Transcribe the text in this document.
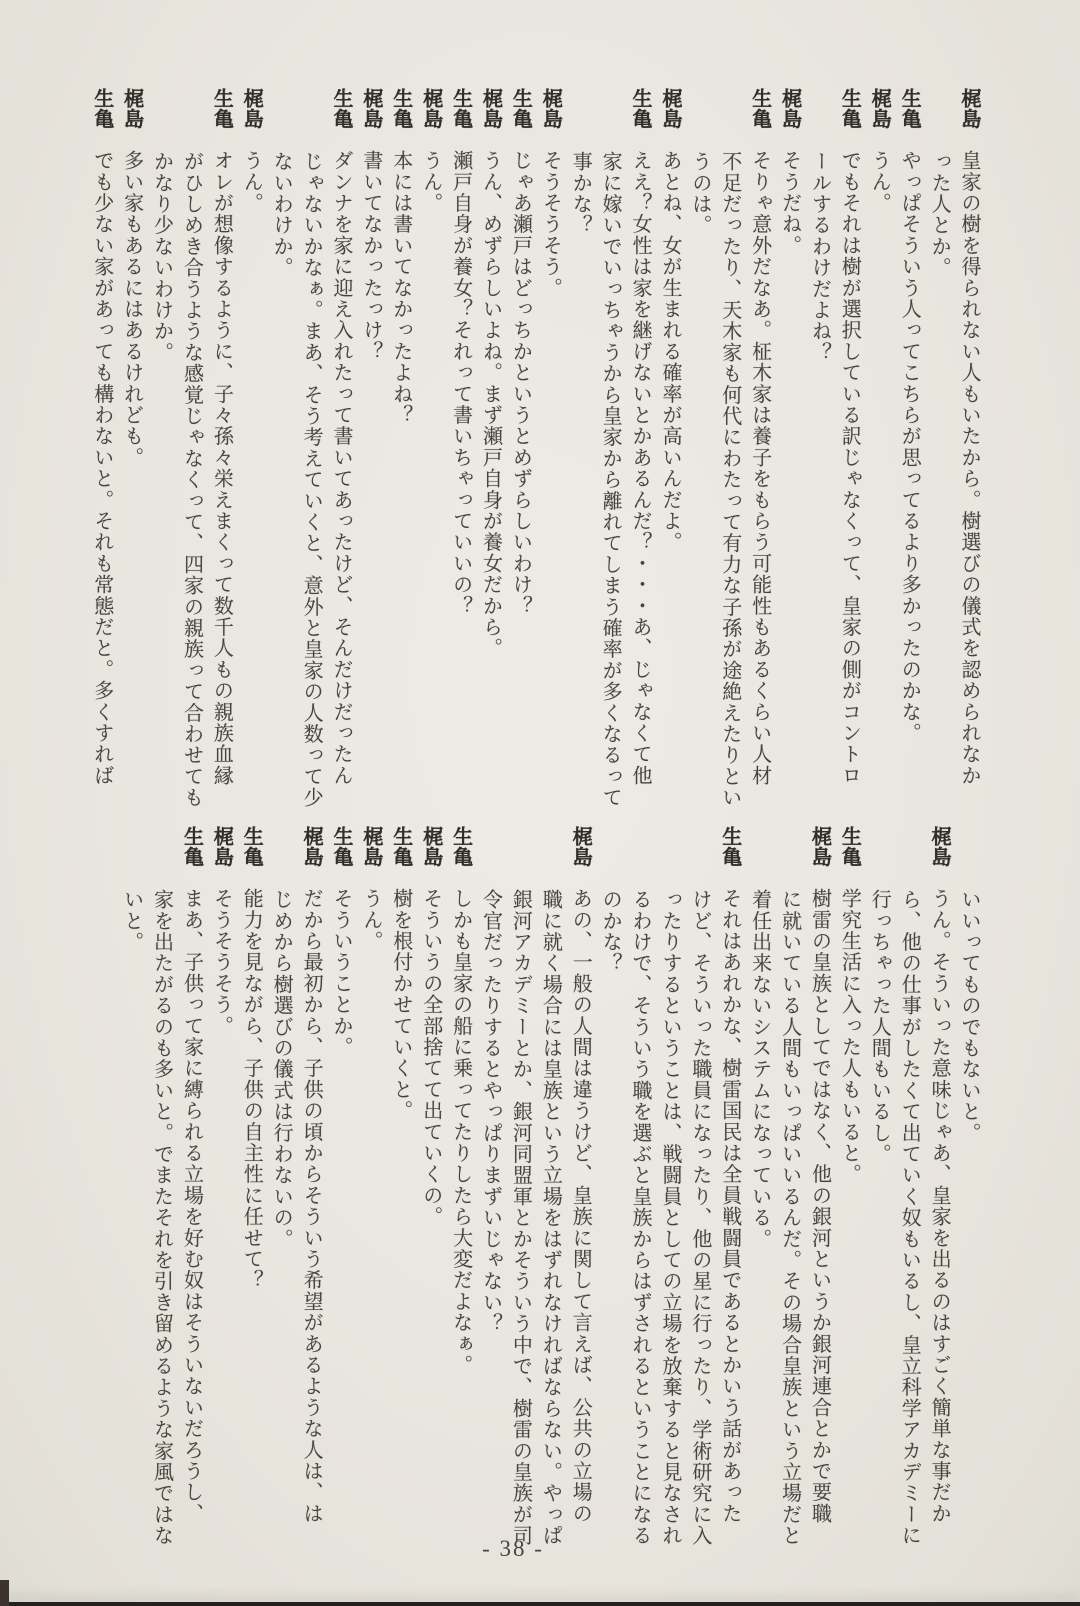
梶島　皇家の樹を得られない人もいたから。樹選びの儀式を認められなか
った人とか。
生亀　やっぱそういう人ってこちらが思ってるより多かったのかな。
梶島　うん。
生亀　でもそれは樹が選択している訳じゃなくって、皇家の側がコントロ
ールするわけだよね？
梶島　そうだね。
生亀　そりゃ意外だなあ。柾木家は養子をもらう可能性もあるくらい人材
不足だったり、天木家も何代にわたって有力な子孫が途絶えたりとい
うのは。
梶島　あとね、女が生まれる確率が高いんだよ。
生亀　ええ？女性は家を継げないとかあるんだ？・・・あ、じゃなくて他
家に嫁いでいっちゃうから皇家から離れてしまう確率が多くなるって
事かな？
梶島　そうそうそう。
生亀　じゃあ瀬戸はどっちかというとめずらしいわけ？
梶島　うん、めずらしいよね。まず瀬戸自身が養女だから。
生亀　瀬戸自身が養女？それって書いちゃっていいの？
梶島　うん。
生亀　本には書いてなかったよね？
梶島　書いてなかったっけ？
生亀　ダンナを家に迎え入れたって書いてあったけど、そんだけだったん
じゃないかなぁ。まあ、そう考えていくと、意外と皇家の人数って少
ないわけか。
梶島　うん。
生亀　オレが想像するように、子々孫々栄えまくって数千人もの親族血縁
がひしめき合うような感覚じゃなくって、四家の親族って合わせても
かなり少ないわけか。
梶島　多い家もあるにはあるけれども。
生亀　でも少ない家があっても構わないと。それも常態だと。多くすれば
いいってものでもないと。
梶島　うん。そういった意味じゃあ、皇家を出るのはすごく簡単な事だか
ら、他の仕事がしたくて出ていく奴もいるし、皇立科学アカデミーに
行っちゃった人間もいるし。
生亀　学究生活に入った人もいると。
梶島　樹雷の皇族としてではなく、他の銀河というか銀河連合とかで要職
に就いている人間もいっぱいいるんだ。その場合皇族という立場だと
着任出来ないシステムになっている。
生亀　それはあれかな、樹雷国民は全員戦闘員であるとかいう話があった
けど、そういった職員になったり、他の星に行ったり、学術研究に入
ったりするということは、戦闘員としての立場を放棄すると見なされ
るわけで、そういう職を選ぶと皇族からはずされるということになる
のかな？
梶島　あの、一般の人間は違うけど、皇族に関して言えば、公共の立場の
職に就く場合には皇族という立場をはずれなければならない。やっぱ
銀河アカデミーとか、銀河同盟軍とかそういう中で、樹雷の皇族が司
令官だったりするとやっぱりまずいじゃない？
生亀　しかも皇家の船に乗ってたりしたら大変だよなぁ。
梶島　そういうの全部捨てて出ていくの。
生亀　樹を根付かせていくと。
梶島　うん。
生亀　そういうことか。
梶島　だから最初から、子供の頃からそういう希望があるような人は、は
じめから樹選びの儀式は行わないの。
生亀　能力を見ながら、子供の自主性に任せて？
梶島　そうそうそう。
生亀　まあ、子供って家に縛られる立場を好む奴はそういないだろうし、
家を出たがるのも多いと。でまたそれを引き留めるような家風ではな
いと。
- 38 -
